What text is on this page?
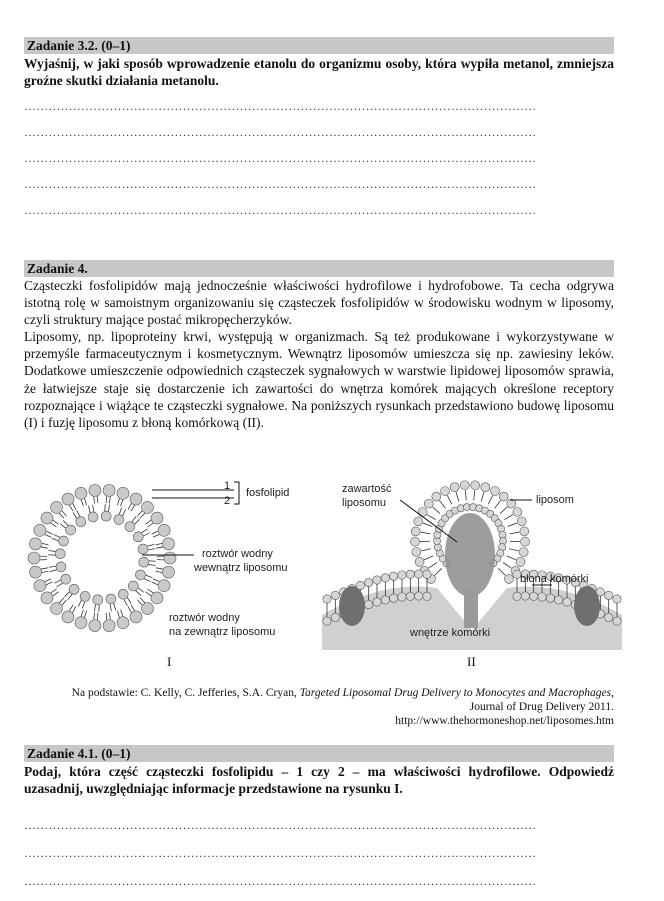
Zadanie 3.2. (0–1)
Wyjaśnij, w jaki sposób wprowadzenie etanolu do organizmu osoby, która wypiła metanol, zmniejsza groźne skutki działania metanolu.
………………………………………………………………………………………………………………
………………………………………………………………………………………………………………
………………………………………………………………………………………………………………
………………………………………………………………………………………………………………
………………………………………………………………………………………………………………
Zadanie 4.

Cząsteczki fosfolipidów mają jednocześnie właściwości hydrofilowe i hydrofobowe. Ta cecha odgrywa istotną rolę w samoistnym organizowaniu się cząsteczek fosfolipidów w środowisku wodnym w liposomy, czyli struktury mające postać mikropęcherzyków.

Liposomy, np. lipoproteiny krwi, występują w organizmach. Są też produkowane i wykorzystywane w przemyśle farmaceutycznym i kosmetycznym. Wewnątrz liposomów umieszcza się np. zawiesiny leków. Dodatkowe umieszczenie odpowiednich cząsteczek sygnałowych w warstwie lipidowej liposomów sprawia, że łatwiejsze staje się dostarczenie ich zawartości do wnętrza komórek mających określone receptory rozpoznające i wiążące te cząsteczki sygnałowe. Na poniższych rysunkach przedstawiono budowę liposomu (I) i fuzję liposomu z błoną komórkową (II).

1
2
fosfolipid
roztwór wodny
wewnątrz liposomu
roztwór wodny
na zewnątrz liposomu
I
zawartość
liposomu	liposom
błona komórki
wnętrze komórki
II
Na podstawie: C. Kelly, C. Jefferies, S.A. Cryan, Targeted Liposomal Drug Delivery to Monocytes and Macrophages, Journal of Drug Delivery 2011.
http://www.thehormoneshop.net/liposomes.htm
Zadanie 4.1. (0–1)
Podaj, która część cząsteczki fosfolipidu – 1 czy 2 – ma właściwości hydrofilowe. Odpowiedź uzasadnij, uwzględniając informacje przedstawione na rysunku I.
………………………………………………………………………………………………………………
………………………………………………………………………………………………………………
………………………………………………………………………………………………………………
